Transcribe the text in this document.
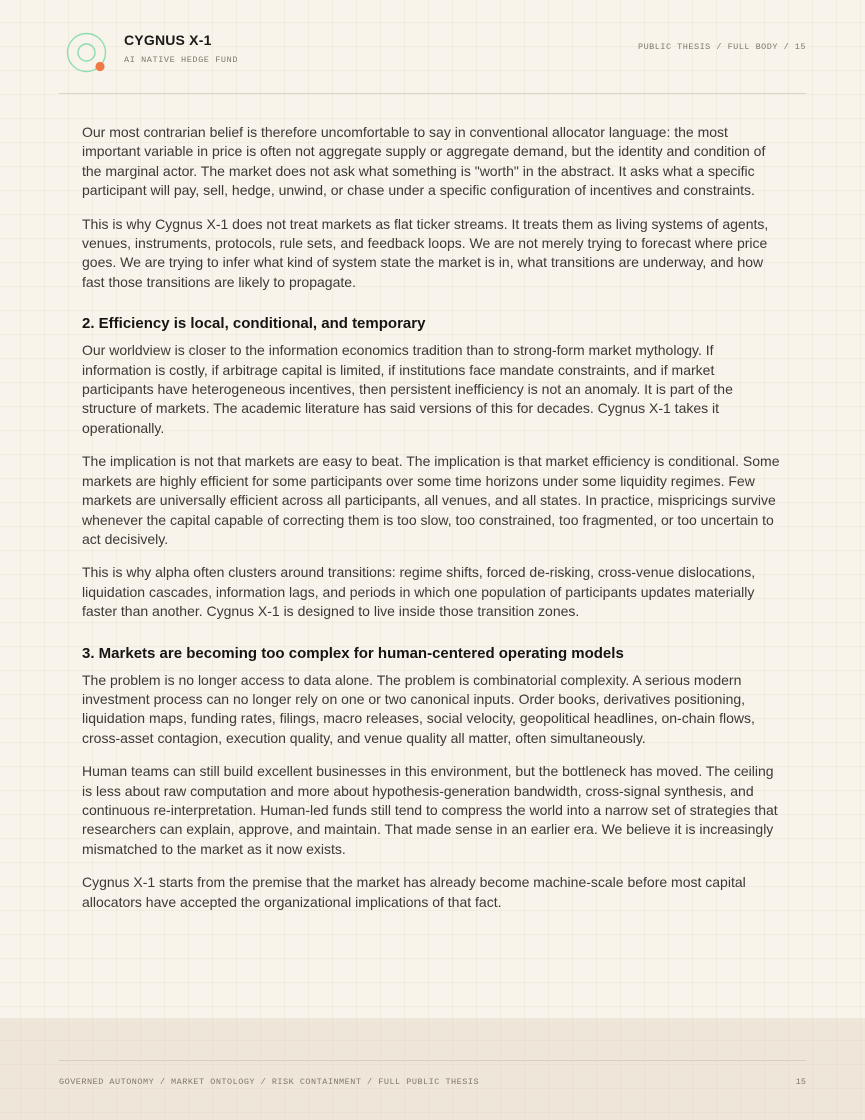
CYGNUS X-1
AI NATIVE HEDGE FUND
PUBLIC THESIS / FULL BODY / 15

Our most contrarian belief is therefore uncomfortable to say in conventional allocator language: the most important variable in price is often not aggregate supply or aggregate demand, but the identity and condition of the marginal actor. The market does not ask what something is "worth" in the abstract. It asks what a specific participant will pay, sell, hedge, unwind, or chase under a specific configuration of incentives and constraints.

This is why Cygnus X-1 does not treat markets as flat ticker streams. It treats them as living systems of agents, venues, instruments, protocols, rule sets, and feedback loops. We are not merely trying to forecast where price goes. We are trying to infer what kind of system state the market is in, what transitions are underway, and how fast those transitions are likely to propagate.

2. Efficiency is local, conditional, and temporary

Our worldview is closer to the information economics tradition than to strong-form market mythology. If information is costly, if arbitrage capital is limited, if institutions face mandate constraints, and if market participants have heterogeneous incentives, then persistent inefficiency is not an anomaly. It is part of the structure of markets. The academic literature has said versions of this for decades. Cygnus X-1 takes it operationally.

The implication is not that markets are easy to beat. The implication is that market efficiency is conditional. Some markets are highly efficient for some participants over some time horizons under some liquidity regimes. Few markets are universally efficient across all participants, all venues, and all states. In practice, mispricings survive whenever the capital capable of correcting them is too slow, too constrained, too fragmented, or too uncertain to act decisively.

This is why alpha often clusters around transitions: regime shifts, forced de-risking, cross-venue dislocations, liquidation cascades, information lags, and periods in which one population of participants updates materially faster than another. Cygnus X-1 is designed to live inside those transition zones.

3. Markets are becoming too complex for human-centered operating models

The problem is no longer access to data alone. The problem is combinatorial complexity. A serious modern investment process can no longer rely on one or two canonical inputs. Order books, derivatives positioning, liquidation maps, funding rates, filings, macro releases, social velocity, geopolitical headlines, on-chain flows, cross-asset contagion, execution quality, and venue quality all matter, often simultaneously.

Human teams can still build excellent businesses in this environment, but the bottleneck has moved. The ceiling is less about raw computation and more about hypothesis-generation bandwidth, cross-signal synthesis, and continuous re-interpretation. Human-led funds still tend to compress the world into a narrow set of strategies that researchers can explain, approve, and maintain. That made sense in an earlier era. We believe it is increasingly mismatched to the market as it now exists.

Cygnus X-1 starts from the premise that the market has already become machine-scale before most capital allocators have accepted the organizational implications of that fact.

GOVERNED AUTONOMY / MARKET ONTOLOGY / RISK CONTAINMENT / FULL PUBLIC THESIS	15
